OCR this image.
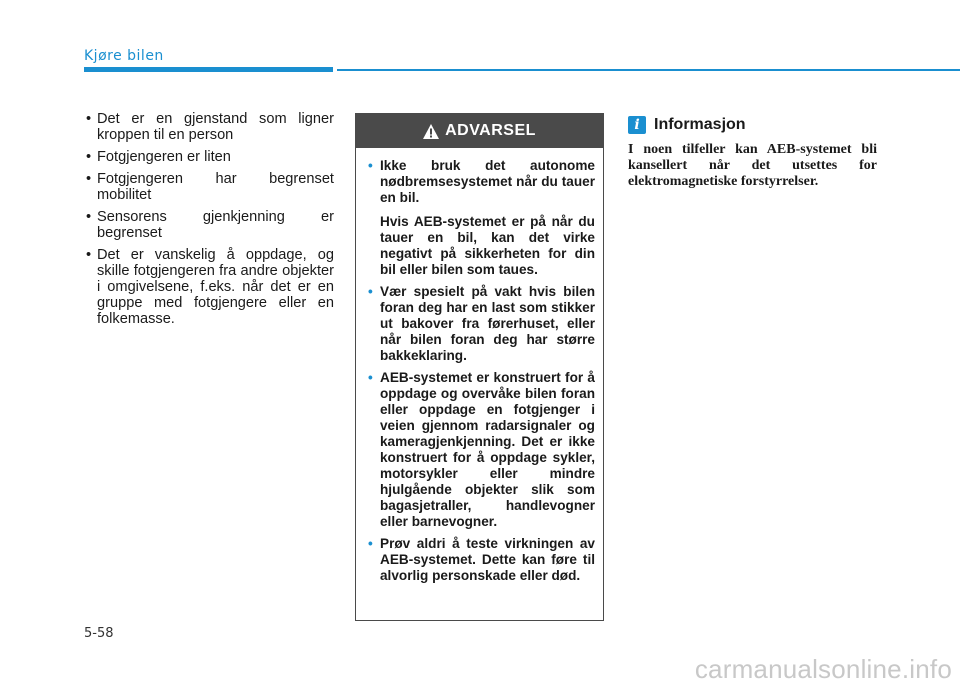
Kjøre bilen
• Det er en gjenstand som ligner kroppen til en person
• Fotgjengeren er liten
• Fotgjengeren har begrenset mobilitet
• Sensorens gjenkjenning er begrenset
• Det er vanskelig å oppdage, og skille fotgjengeren fra andre objekter i omgivelsene, f.eks. når det er en gruppe med fotgjengere eller en folkemasse.
ADVARSEL
• Ikke bruk det autonome nødbremsesystemet når du tauer en bil.

Hvis AEB-systemet er på når du tauer en bil, kan det virke negativt på sikkerheten for din bil eller bilen som taues.

• Vær spesielt på vakt hvis bilen foran deg har en last som stikker ut bakover fra førerhuset, eller når bilen foran deg har større bakkeklaring.
• AEB-systemet er konstruert for å oppdage og overvåke bilen foran eller oppdage en fotgjenger i veien gjennom radarsignaler og kameragjenkjenning. Det er ikke konstruert for å oppdage sykler, motorsykler eller mindre hjulgående objekter slik som bagasjetraller, handlevogner eller barnevogner.
• Prøv aldri å teste virkningen av AEB-systemet. Dette kan føre til alvorlig personskade eller død.
i Informasjon
I noen tilfeller kan AEB-systemet bli kansellert når det utsettes for elektromagnetiske forstyrrelser.
5-58
carmanualsonline.info
